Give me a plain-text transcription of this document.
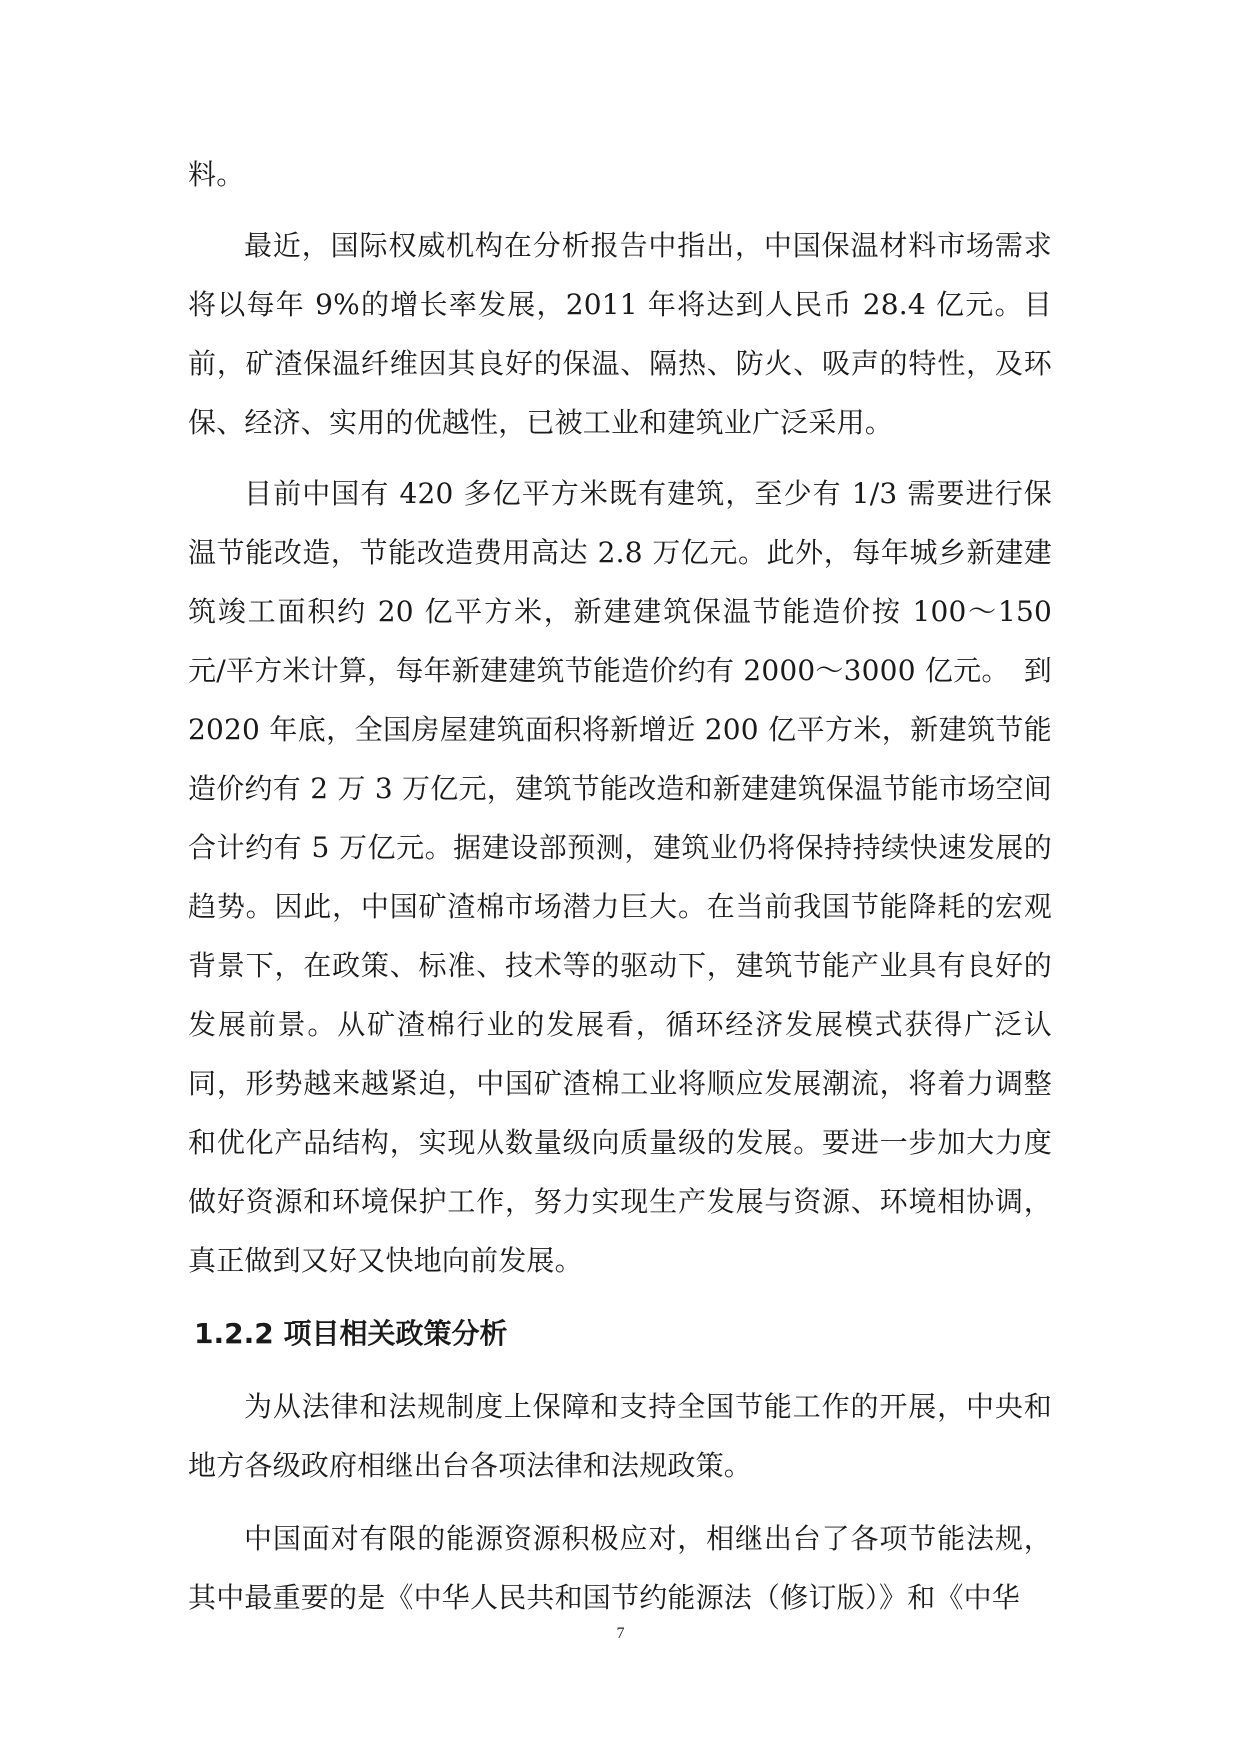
料。

最近，国际权威机构在分析报告中指出，中国保温材料市场需求将以每年 9%的增长率发展，2011 年将达到人民币 28.4 亿元。目前，矿渣保温纤维因其良好的保温、隔热、防火、吸声的特性，及环保、经济、实用的优越性，已被工业和建筑业广泛采用。

目前中国有 420 多亿平方米既有建筑，至少有 1/3 需要进行保温节能改造，节能改造费用高达 2.8 万亿元。此外，每年城乡新建建筑竣工面积约 20 亿平方米，新建建筑保温节能造价按 100～150 元/平方米计算，每年新建建筑节能造价约有 2000～3000 亿元。　到 2020 年底，全国房屋建筑面积将新增近 200 亿平方米，新建筑节能造价约有 2 万 3 万亿元，建筑节能改造和新建建筑保温节能市场空间合计约有 5 万亿元。据建设部预测，建筑业仍将保持持续快速发展的趋势。因此，中国矿渣棉市场潜力巨大。在当前我国节能降耗的宏观背景下，在政策、标准、技术等的驱动下，建筑节能产业具有良好的发展前景。从矿渣棉行业的发展看，循环经济发展模式获得广泛认同，形势越来越紧迫，中国矿渣棉工业将顺应发展潮流，将着力调整和优化产品结构，实现从数量级向质量级的发展。要进一步加大力度做好资源和环境保护工作，努力实现生产发展与资源、环境相协调，真正做到又好又快地向前发展。

1.2.2 项目相关政策分析

为从法律和法规制度上保障和支持全国节能工作的开展，中央和地方各级政府相继出台各项法律和法规政策。

中国面对有限的能源资源积极应对，相继出台了各项节能法规，其中最重要的是《中华人民共和国节约能源法（修订版）》和《中华

7
